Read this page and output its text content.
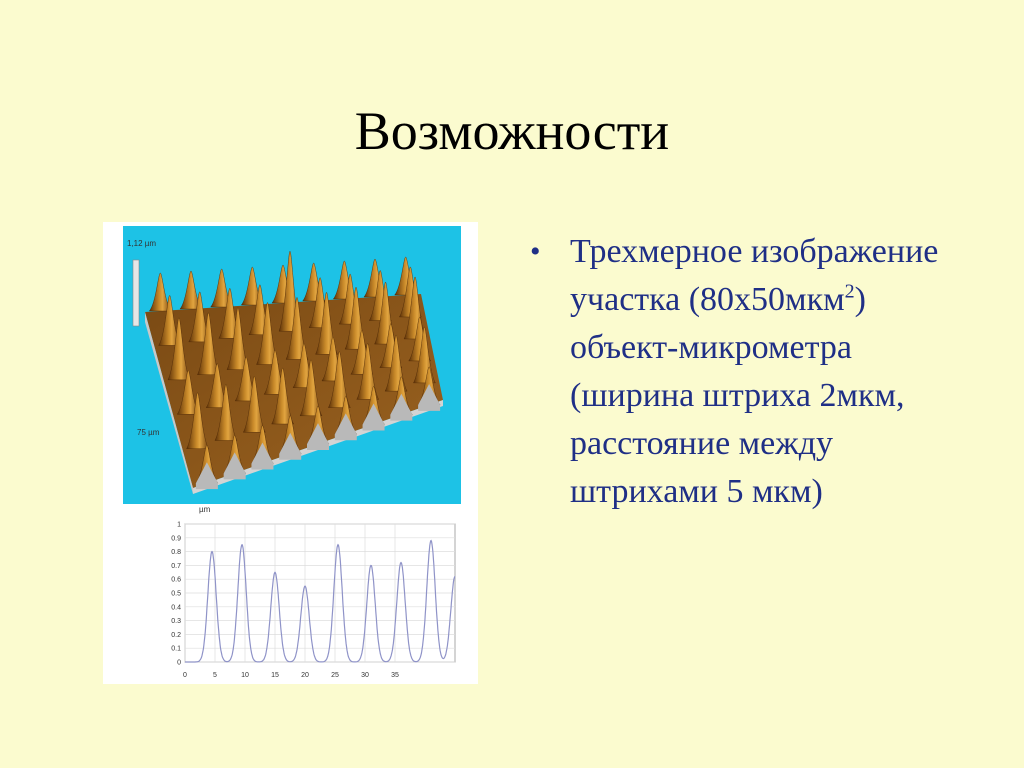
Возможности
1,12 µm
75 µm
0
0.1
0.2
0.3
0.4
0.5
0.6
0.7
0.8
0.9
1
0	5	10	15	20	25	30	35
µm
• Трехмерное изображение участка (80х50мкм$^2$) объект-микрометра (ширина штриха 2мкм, расстояние между штрихами 5 мкм)
